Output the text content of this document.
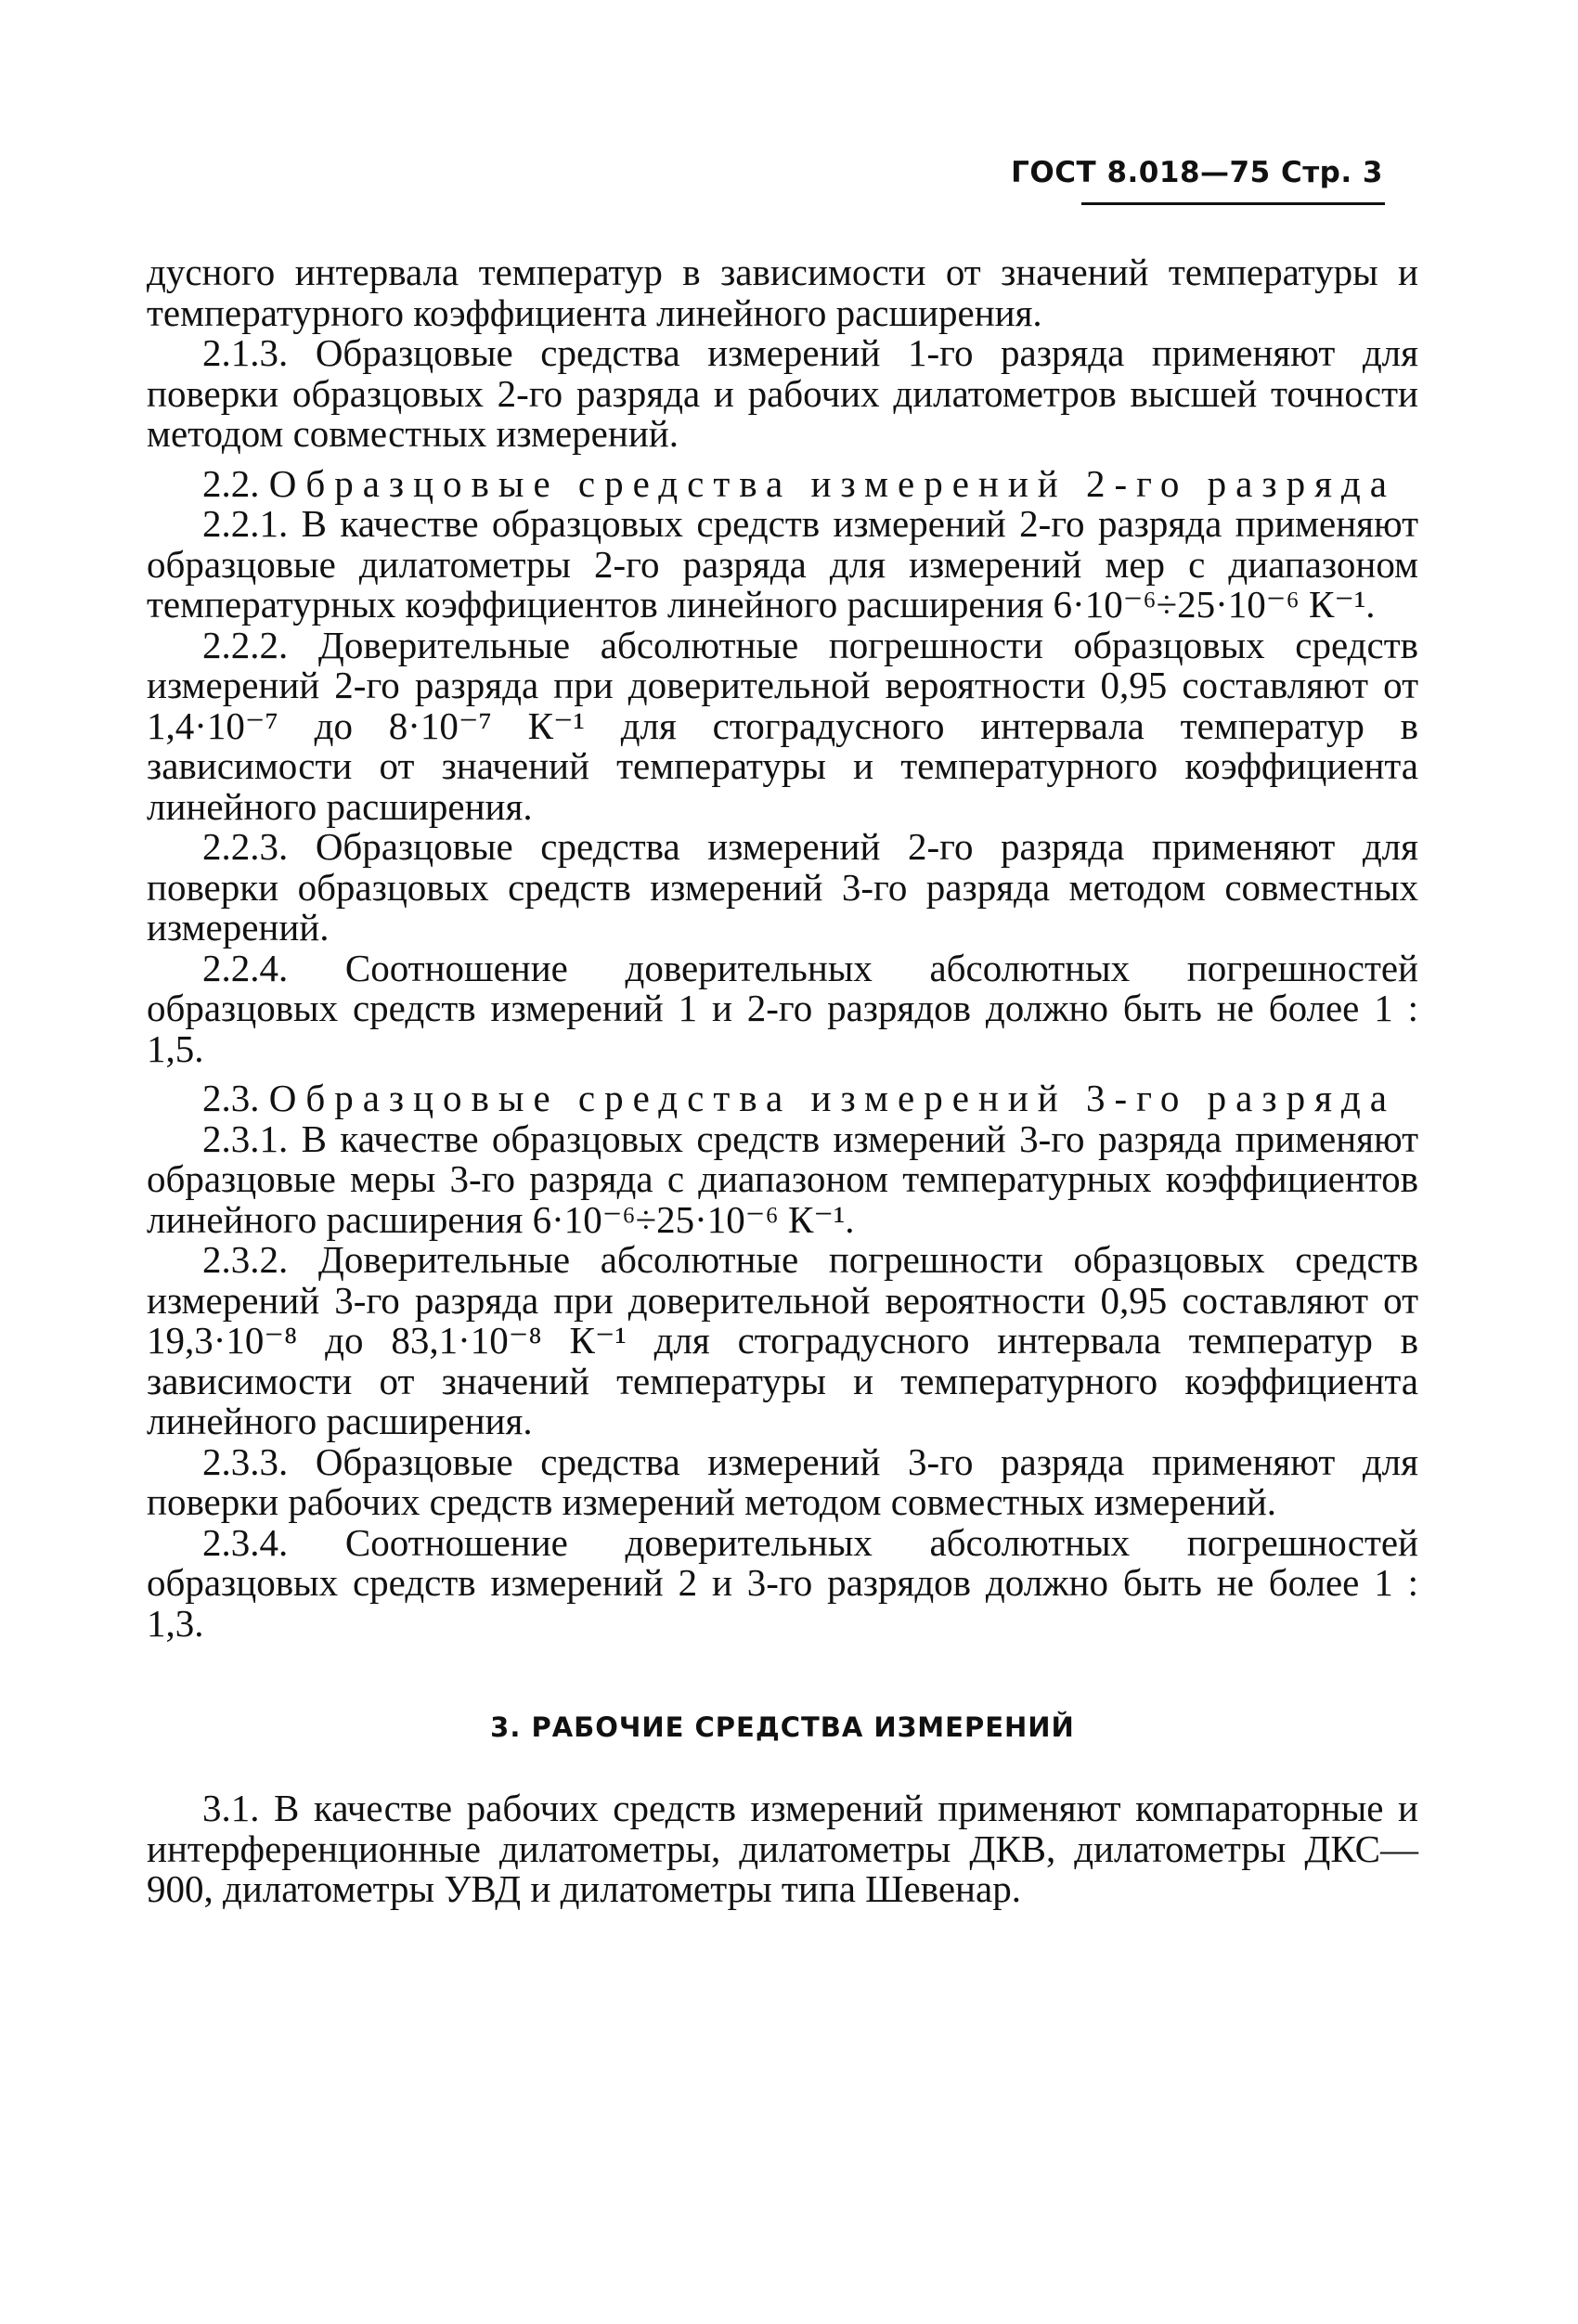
ГОСТ 8.018—75 Стр. 3

дусного интервала температур в зависимости от значений температуры и температурного коэффициента линейного расширения.

2.1.3. Образцовые средства измерений 1-го разряда применяют для поверки образцовых 2-го разряда и рабочих дилатометров высшей точности методом совместных измерений.

2.2. Образцовые средства измерений 2-го разряда

2.2.1. В качестве образцовых средств измерений 2-го разряда применяют образцовые дилатометры 2-го разряда для измерений мер с диапазоном температурных коэффициентов линейного расширения 6·10⁻⁶÷25·10⁻⁶ К⁻¹.

2.2.2. Доверительные абсолютные погрешности образцовых средств измерений 2-го разряда при доверительной вероятности 0,95 составляют от 1,4·10⁻⁷ до 8·10⁻⁷ К⁻¹ для стоградусного интервала температур в зависимости от значений температуры и температурного коэффициента линейного расширения.

2.2.3. Образцовые средства измерений 2-го разряда применяют для поверки образцовых средств измерений 3-го разряда методом совместных измерений.

2.2.4. Соотношение доверительных абсолютных погрешностей образцовых средств измерений 1 и 2-го разрядов должно быть не более 1 : 1,5.

2.3. Образцовые средства измерений 3-го разряда

2.3.1. В качестве образцовых средств измерений 3-го разряда применяют образцовые меры 3-го разряда с диапазоном температурных коэффициентов линейного расширения 6·10⁻⁶÷25·10⁻⁶ К⁻¹.

2.3.2. Доверительные абсолютные погрешности образцовых средств измерений 3-го разряда при доверительной вероятности 0,95 составляют от 19,3·10⁻⁸ до 83,1·10⁻⁸ К⁻¹ для стоградусного интервала температур в зависимости от значений температуры и температурного коэффициента линейного расширения.

2.3.3. Образцовые средства измерений 3-го разряда применяют для поверки рабочих средств измерений методом совместных измерений.

2.3.4. Соотношение доверительных абсолютных погрешностей образцовых средств измерений 2 и 3-го разрядов должно быть не более 1 : 1,3.

3. РАБОЧИЕ СРЕДСТВА ИЗМЕРЕНИЙ

3.1. В качестве рабочих средств измерений применяют компараторные и интерференционные дилатометры, дилатометры ДКВ, дилатометры ДКС—900, дилатометры УВД и дилатометры типа Шевенар.
